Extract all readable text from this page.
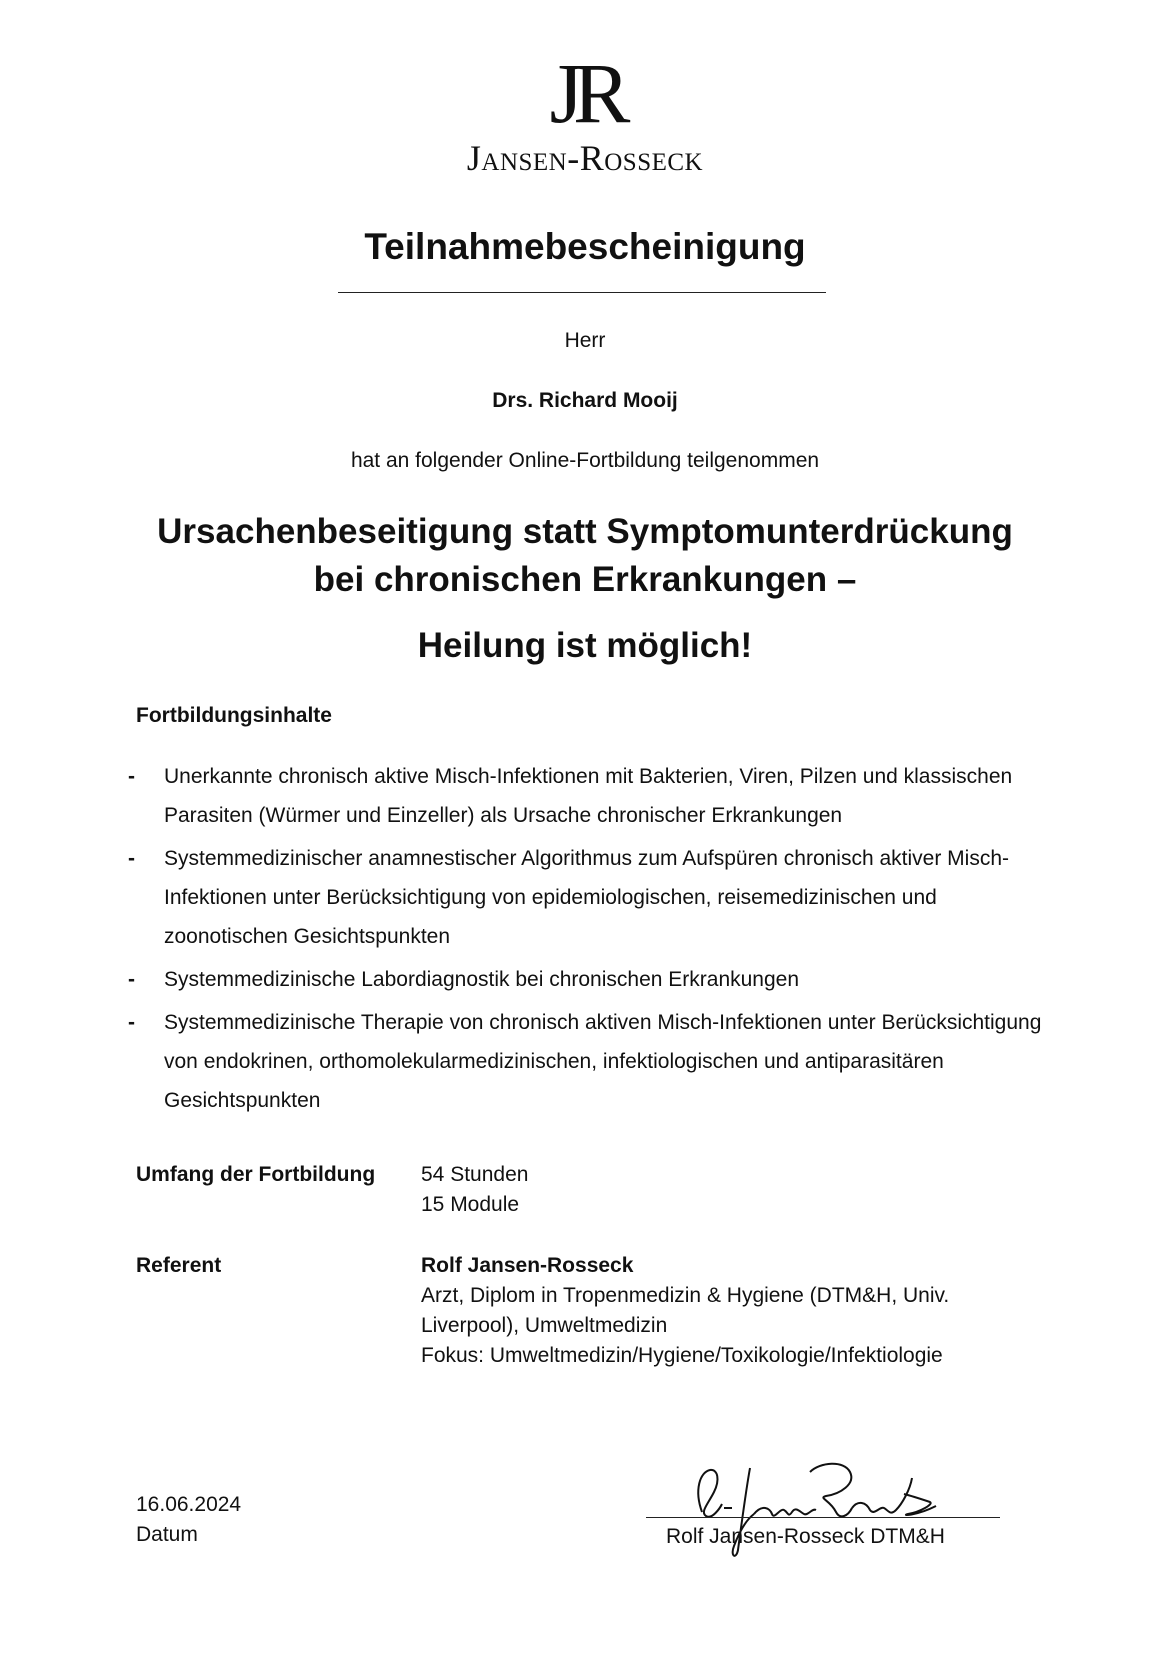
JR
Jansen-Rosseck
Teilnahmebescheinigung
Herr
Drs. Richard Mooij
hat an folgender Online-Fortbildung teilgenommen
Ursachenbeseitigung statt Symptomunterdrückung
bei chronischen Erkrankungen –
Heilung ist möglich!
Fortbildungsinhalte
- Unerkannte chronisch aktive Misch-Infektionen mit Bakterien, Viren, Pilzen und klassischen Parasiten (Würmer und Einzeller) als Ursache chronischer Erkrankungen
- Systemmedizinischer anamnestischer Algorithmus zum Aufspüren chronisch aktiver Misch-Infektionen unter Berücksichtigung von epidemiologischen, reisemedizinischen und zoonotischen Gesichtspunkten
- Systemmedizinische Labordiagnostik bei chronischen Erkrankungen
- Systemmedizinische Therapie von chronisch aktiven Misch-Infektionen unter Berücksichtigung von endokrinen, orthomolekularmedizinischen, infektiologischen und antiparasitären Gesichtspunkten
Umfang der Fortbildung	54 Stunden
15 Module
Referent	Rolf Jansen-Rosseck
Arzt, Diplom in Tropenmedizin & Hygiene (DTM&H, Univ.
Liverpool), Umweltmedizin
Fokus: Umweltmedizin/Hygiene/Toxikologie/Infektiologie
16.06.2024
Datum	Rolf Jansen-Rosseck DTM&H
